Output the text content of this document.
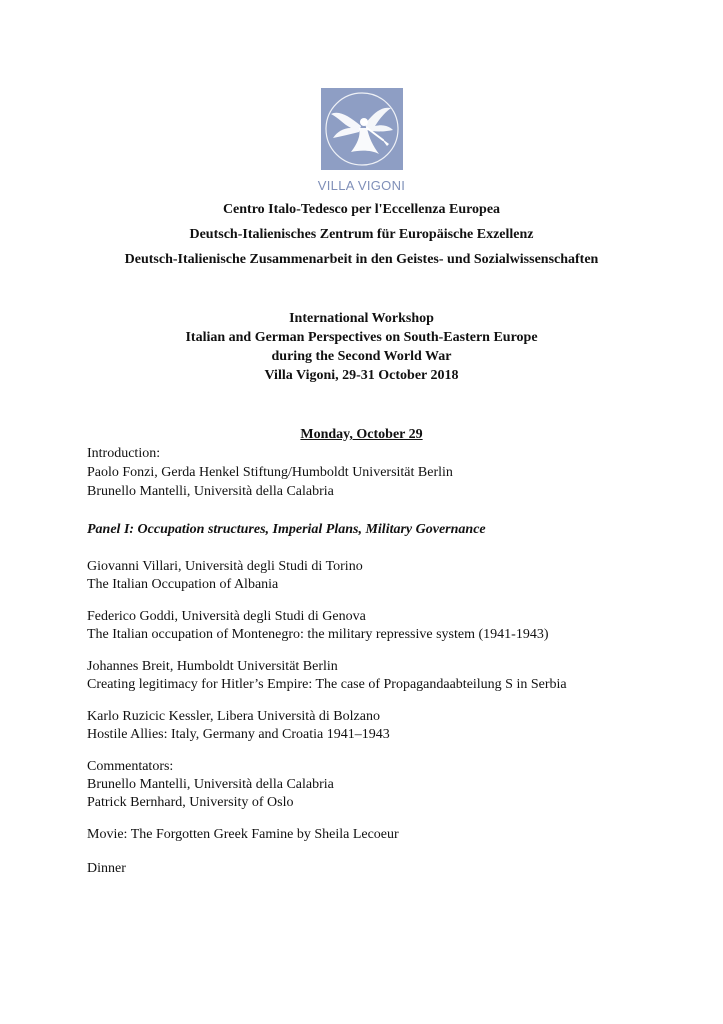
VILLA VIGONI
Centro Italo-Tedesco per l'Eccellenza Europea
Deutsch-Italienisches Zentrum für Europäische Exzellenz
Deutsch-Italienische Zusammenarbeit in den Geistes- und Sozialwissenschaften
International Workshop
Italian and German Perspectives on South-Eastern Europe
during the Second World War
Villa Vigoni, 29-31 October 2018
Monday, October 29
Introduction:
Paolo Fonzi, Gerda Henkel Stiftung/Humboldt Universität Berlin
Brunello Mantelli, Università della Calabria
Panel I: Occupation structures, Imperial Plans, Military Governance
Giovanni Villari, Università degli Studi di Torino
The Italian Occupation of Albania
Federico Goddi, Università degli Studi di Genova
The Italian occupation of Montenegro: the military repressive system (1941-1943)
Johannes Breit, Humboldt Universität Berlin
Creating legitimacy for Hitler’s Empire: The case of Propagandaabteilung S in Serbia
Karlo Ruzicic Kessler, Libera Università di Bolzano
Hostile Allies: Italy, Germany and Croatia 1941–1943
Commentators:
Brunello Mantelli, Università della Calabria
Patrick Bernhard, University of Oslo
Movie: The Forgotten Greek Famine by Sheila Lecoeur
Dinner
